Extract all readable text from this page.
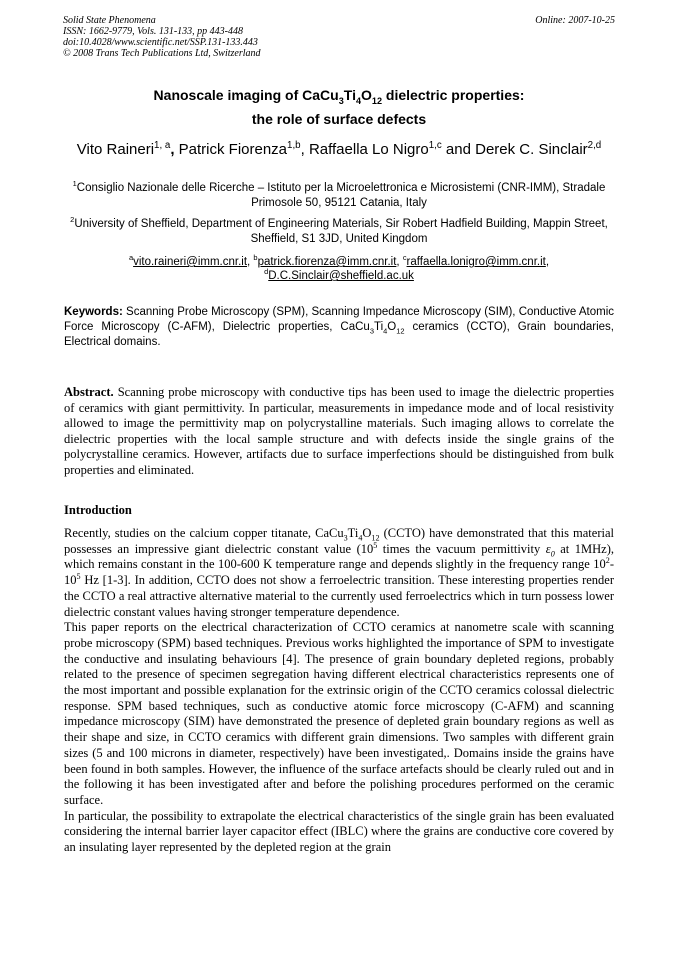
Solid State Phenomena
ISSN: 1662-9779, Vols. 131-133, pp 443-448
doi:10.4028/www.scientific.net/SSP.131-133.443
© 2008 Trans Tech Publications Ltd, Switzerland
Online: 2007-10-25
Nanoscale imaging of $CaCu_3Ti_4O_{12}$ dielectric properties:
the role of surface defects
Vito Raineri$^{1, a}$, Patrick Fiorenza$^{1,b}$, Raffaella Lo Nigro$^{1,c}$ and Derek C. Sinclair$^{2,d}$
$^1$Consiglio Nazionale delle Ricerche – Istituto per la Microelettronica e Microsistemi (CNR-IMM), Stradale Primosole 50, 95121 Catania, Italy
$^2$University of Sheffield, Department of Engineering Materials, Sir Robert Hadfield Building, Mappin Street, Sheffield, S1 3JD, United Kingdom
$^a$vito.raineri@imm.cnr.it, $^b$patrick.fiorenza@imm.cnr.it, $^c$raffaella.lonigro@imm.cnr.it,
$^d$D.C.Sinclair@sheffield.ac.uk
Keywords: Scanning Probe Microscopy (SPM), Scanning Impedance Microscopy (SIM), Conductive Atomic Force Microscopy (C-AFM), Dielectric properties, $CaCu_3Ti_4O_{12}$ ceramics (CCTO), Grain boundaries, Electrical domains.
Abstract. Scanning probe microscopy with conductive tips has been used to image the dielectric properties of ceramics with giant permittivity. In particular, measurements in impedance mode and of local resistivity allowed to image the permittivity map on polycrystalline materials. Such imaging allows to correlate the dielectric properties with the local sample structure and with defects inside the single grains of the polycrystalline ceramics. However, artifacts due to surface imperfections should be distinguished from bulk properties and eliminated.
Introduction

Recently, studies on the calcium copper titanate, $CaCu_3Ti_4O_{12}$ (CCTO) have demonstrated that this material possesses an impressive giant dielectric constant value ($10^5$ times the vacuum permittivity $\varepsilon_0$ at 1MHz), which remains constant in the 100-600 K temperature range and depends slightly in the frequency range $10^2-10^5$ Hz [1-3]. In addition, CCTO does not show a ferroelectric transition. These interesting properties render the CCTO a real attractive alternative material to the currently used ferroelectrics which in turn possess lower dielectric constant values having stronger temperature dependence.

This paper reports on the electrical characterization of CCTO ceramics at nanometre scale with scanning probe microscopy (SPM) based techniques. Previous works highlighted the importance of SPM to investigate the conductive and insulating behaviours [4]. The presence of grain boundary depleted regions, probably related to the presence of specimen segregation having different electrical characteristics represents one of the most important and possible explanation for the extrinsic origin of the CCTO ceramics colossal dielectric response. SPM based techniques, such as conductive atomic force microscopy (C-AFM) and scanning impedance microscopy (SIM) have demonstrated the presence of depleted grain boundary regions as well as their shape and size, in CCTO ceramics with different grain dimensions. Two samples with different grain sizes (5 and 100 microns in diameter, respectively) have been investigated,. Domains inside the grains have been found in both samples. However, the influence of the surface artefacts should be clearly ruled out and in the following it has been investigated after and before the polishing procedures performed on the ceramic surface.

In particular, the possibility to extrapolate the electrical characteristics of the single grain has been evaluated considering the internal barrier layer capacitor effect (IBLC) where the grains are conductive core covered by an insulating layer represented by the depleted region at the grain
